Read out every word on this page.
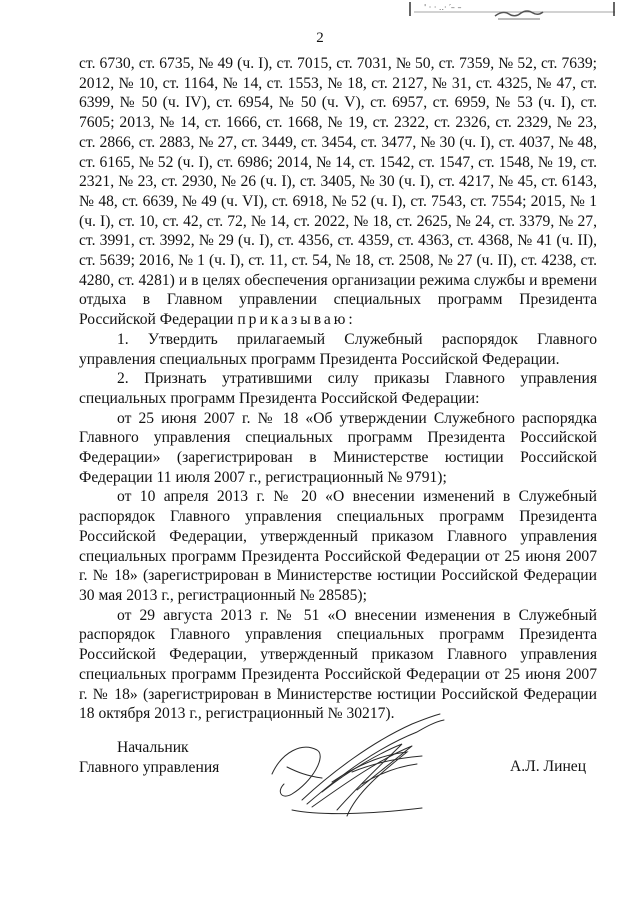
' · · ..· ′– –
2

ст. 6730, ст. 6735, № 49 (ч. I), ст. 7015, ст. 7031, № 50, ст. 7359, № 52, ст. 7639; 2012, № 10, ст. 1164, № 14, ст. 1553, № 18, ст. 2127, № 31, ст. 4325, № 47, ст. 6399, № 50 (ч. IV), ст. 6954, № 50 (ч. V), ст. 6957, ст. 6959, № 53 (ч. I), ст. 7605; 2013, № 14, ст. 1666, ст. 1668, № 19, ст. 2322, ст. 2326, ст. 2329, № 23, ст. 2866, ст. 2883, № 27, ст. 3449, ст. 3454, ст. 3477, № 30 (ч. I), ст. 4037, № 48, ст. 6165, № 52 (ч. I), ст. 6986; 2014, № 14, ст. 1542, ст. 1547, ст. 1548, № 19, ст. 2321, № 23, ст. 2930, № 26 (ч. I), ст. 3405, № 30 (ч. I), ст. 4217, № 45, ст. 6143, № 48, ст. 6639, № 49 (ч. VI), ст. 6918, № 52 (ч. I), ст. 7543, ст. 7554; 2015, № 1 (ч. I), ст. 10, ст. 42, ст. 72, № 14, ст. 2022, № 18, ст. 2625, № 24, ст. 3379, № 27, ст. 3991, ст. 3992, № 29 (ч. I), ст. 4356, ст. 4359, ст. 4363, ст. 4368, № 41 (ч. II), ст. 5639; 2016, № 1 (ч. I), ст. 11, ст. 54, № 18, ст. 2508, № 27 (ч. II), ст. 4238, ст. 4280, ст. 4281) и в целях обеспечения организации режима службы и времени отдыха в Главном управлении специальных программ Президента Российской Федерации приказываю:

1. Утвердить прилагаемый Служебный распорядок Главного управления специальных программ Президента Российской Федерации.

2. Признать утратившими силу приказы Главного управления специальных программ Президента Российской Федерации:

от 25 июня 2007 г. № 18 «Об утверждении Служебного распорядка Главного управления специальных программ Президента Российской Федерации» (зарегистрирован в Министерстве юстиции Российской Федерации 11 июля 2007 г., регистрационный № 9791);

от 10 апреля 2013 г. № 20 «О внесении изменений в Служебный распорядок Главного управления специальных программ Президента Российской Федерации, утвержденный приказом Главного управления специальных программ Президента Российской Федерации от 25 июня 2007 г. № 18» (зарегистрирован в Министерстве юстиции Российской Федерации 30 мая 2013 г., регистрационный № 28585);

от 29 августа 2013 г. № 51 «О внесении изменения в Служебный распорядок Главного управления специальных программ Президента Российской Федерации, утвержденный приказом Главного управления специальных программ Президента Российской Федерации от 25 июня 2007 г. № 18» (зарегистрирован в Министерстве юстиции Российской Федерации 18 октября 2013 г., регистрационный № 30217).

Начальник
Главного управления	А.Л. Линец
